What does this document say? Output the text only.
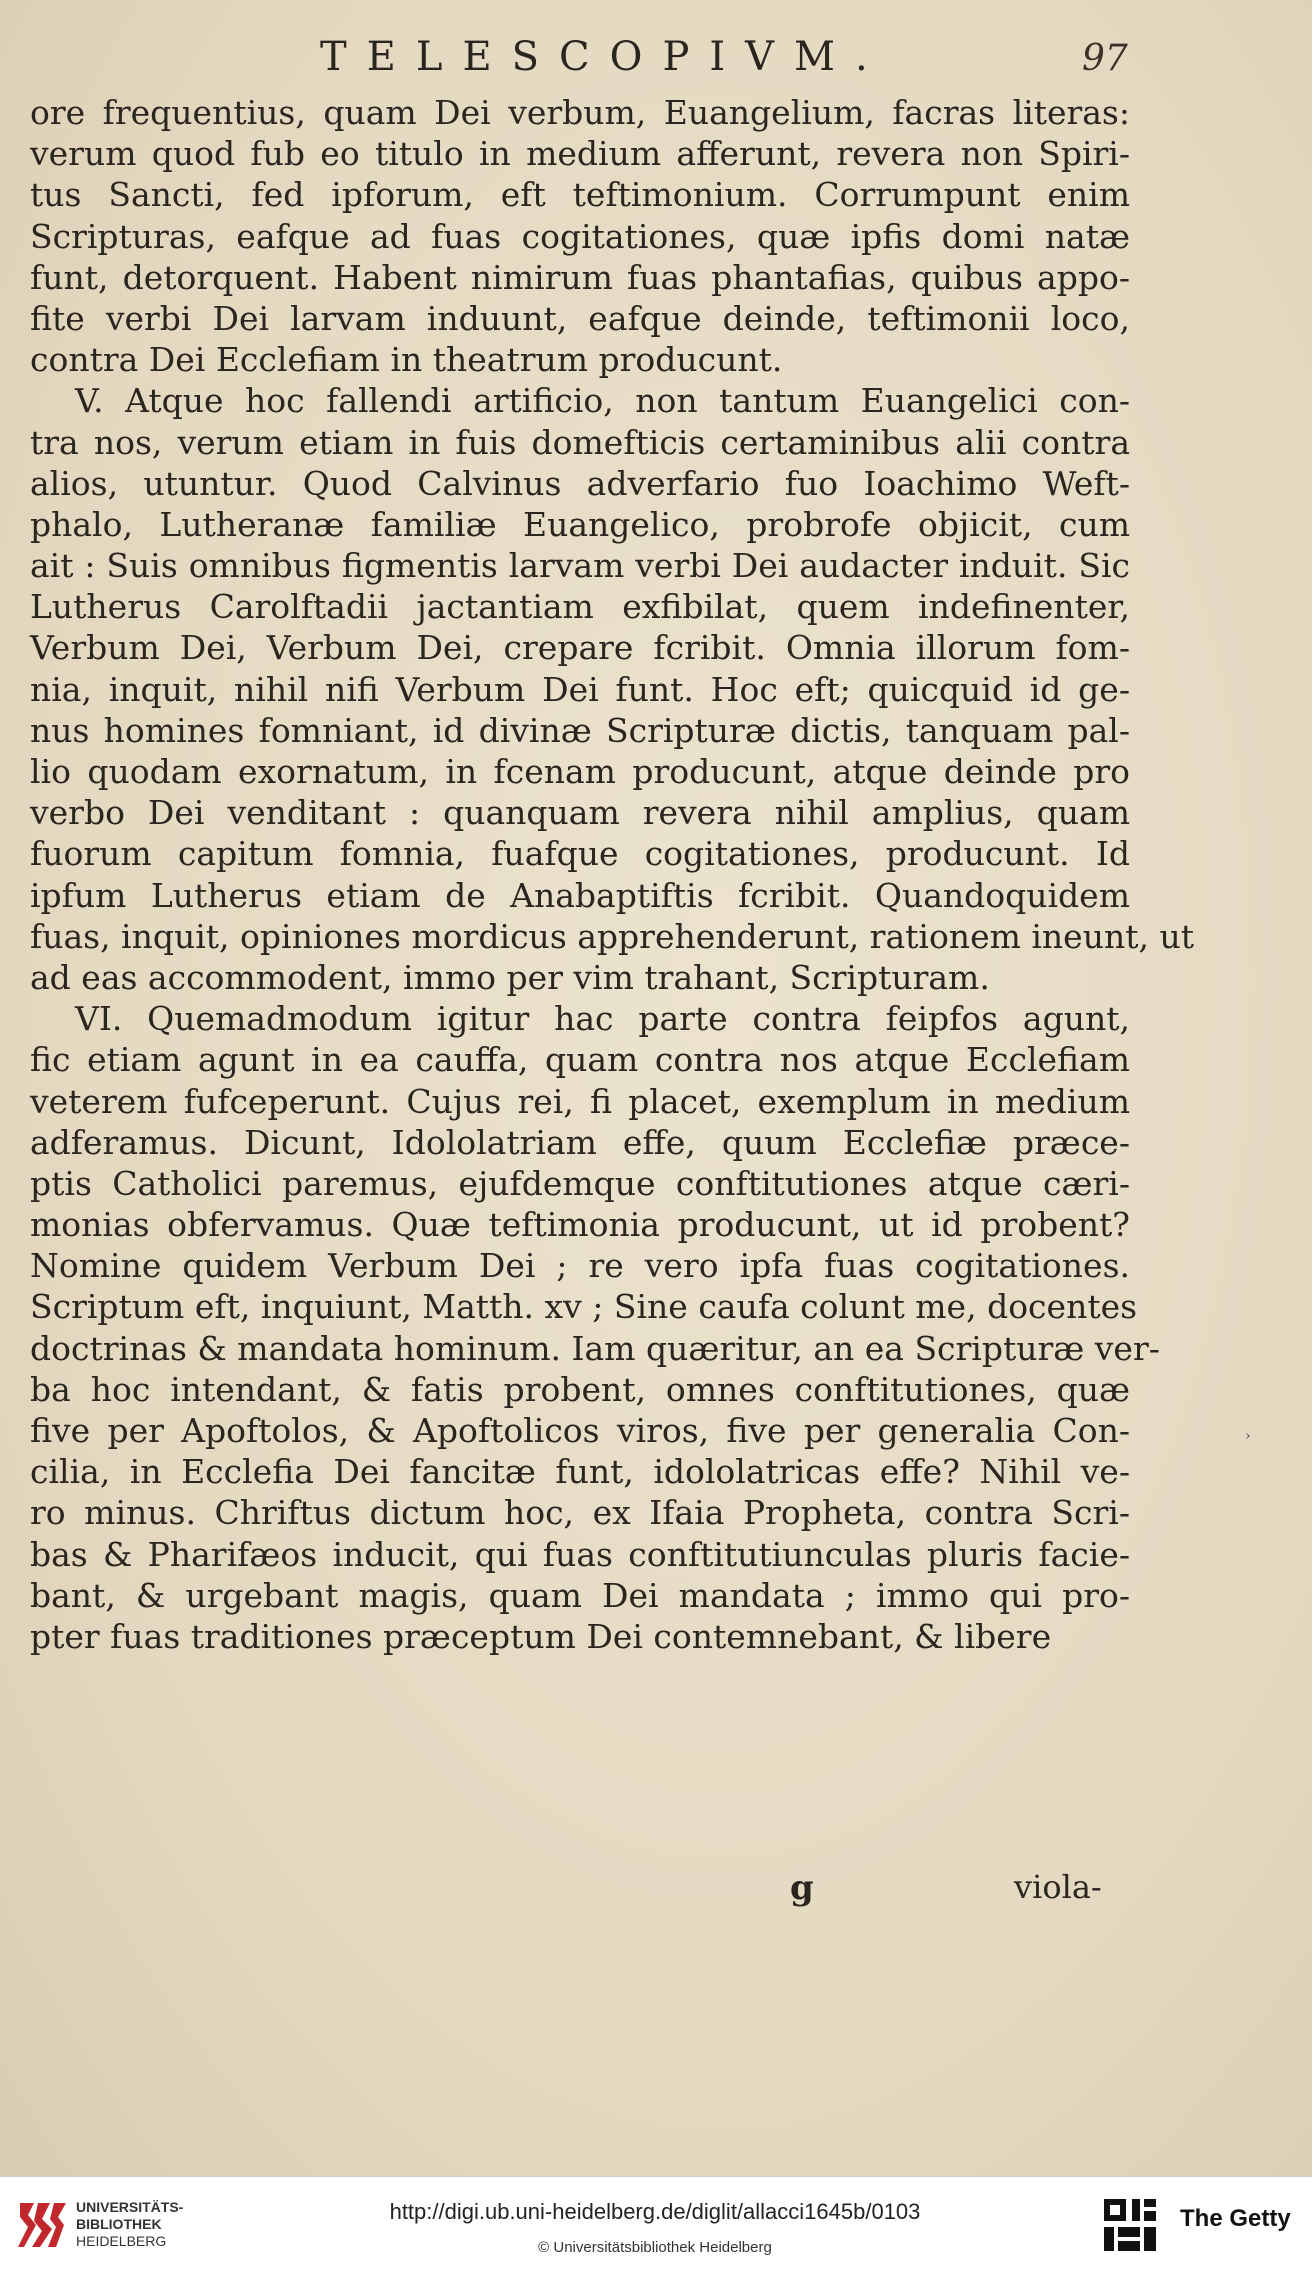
TELESCOPIVM.	97
ore frequentius, quam Dei verbum, Euangelium, facras literas:
verum quod fub eo titulo in medium afferunt, revera non Spiri-
tus Sancti, fed ipforum, eft teftimonium. Corrumpunt enim
Scripturas, eafque ad fuas cogitationes, quæ ipfis domi natæ
funt, detorquent. Habent nimirum fuas phantafias, quibus appo-
fite verbi Dei larvam induunt, eafque deinde, teftimonii loco,
contra Dei Ecclefiam in theatrum producunt.
V. Atque hoc fallendi artificio, non tantum Euangelici con-
tra nos, verum etiam in fuis domefticis certaminibus alii contra
alios, utuntur. Quod Calvinus adverfario fuo Ioachimo Weft-
phalo, Lutheranæ familiæ Euangelico, probrofe objicit, cum
ait : Suis omnibus figmentis larvam verbi Dei audacter induit. Sic
Lutherus Carolftadii jactantiam exfibilat, quem indefinenter,
Verbum Dei, Verbum Dei, crepare fcribit. Omnia illorum fom-
nia, inquit, nihil nifi Verbum Dei funt. Hoc eft; quicquid id ge-
nus homines fomniant, id divinæ Scripturæ dictis, tanquam pal-
lio quodam exornatum, in fcenam producunt, atque deinde pro
verbo Dei venditant : quanquam revera nihil amplius, quam
fuorum capitum fomnia, fuafque cogitationes, producunt. Id
ipfum Lutherus etiam de Anabaptiftis fcribit. Quandoquidem
fuas, inquit, opiniones mordicus apprehenderunt, rationem ineunt, ut
ad eas accommodent, immo per vim trahant, Scripturam.
VI. Quemadmodum igitur hac parte contra feipfos agunt,
fic etiam agunt in ea cauffa, quam contra nos atque Ecclefiam
veterem fufceperunt. Cujus rei, fi placet, exemplum in medium
adferamus. Dicunt, Idololatriam effe, quum Ecclefiæ præce-
ptis Catholici paremus, ejufdemque conftitutiones atque cæri-
monias obfervamus. Quæ teftimonia producunt, ut id probent?
Nomine quidem Verbum Dei ; re vero ipfa fuas cogitationes.
Scriptum eft, inquiunt, Matth. xv ; Sine caufa colunt me, docentes
doctrinas & mandata hominum. Iam quæritur, an ea Scripturæ ver-
ba hoc intendant, & fatis probent, omnes conftitutiones, quæ
five per Apoftolos, & Apoftolicos viros, five per generalia Con-
cilia, in Ecclefia Dei fancitæ funt, idololatricas effe? Nihil ve-
ro minus. Chriftus dictum hoc, ex Ifaia Propheta, contra Scri-
bas & Pharifæos inducit, qui fuas conftitutiunculas pluris facie-
bant, & urgebant magis, quam Dei mandata ; immo qui pro-
pter fuas traditiones præceptum Dei contemnebant, & libere
›
g	viola-
UNIVERSITÄTS-
BIBLIOTHEK
HEIDELBERG
http://digi.ub.uni-heidelberg.de/diglit/allacci1645b/0103
© Universitätsbibliothek Heidelberg
The Getty
